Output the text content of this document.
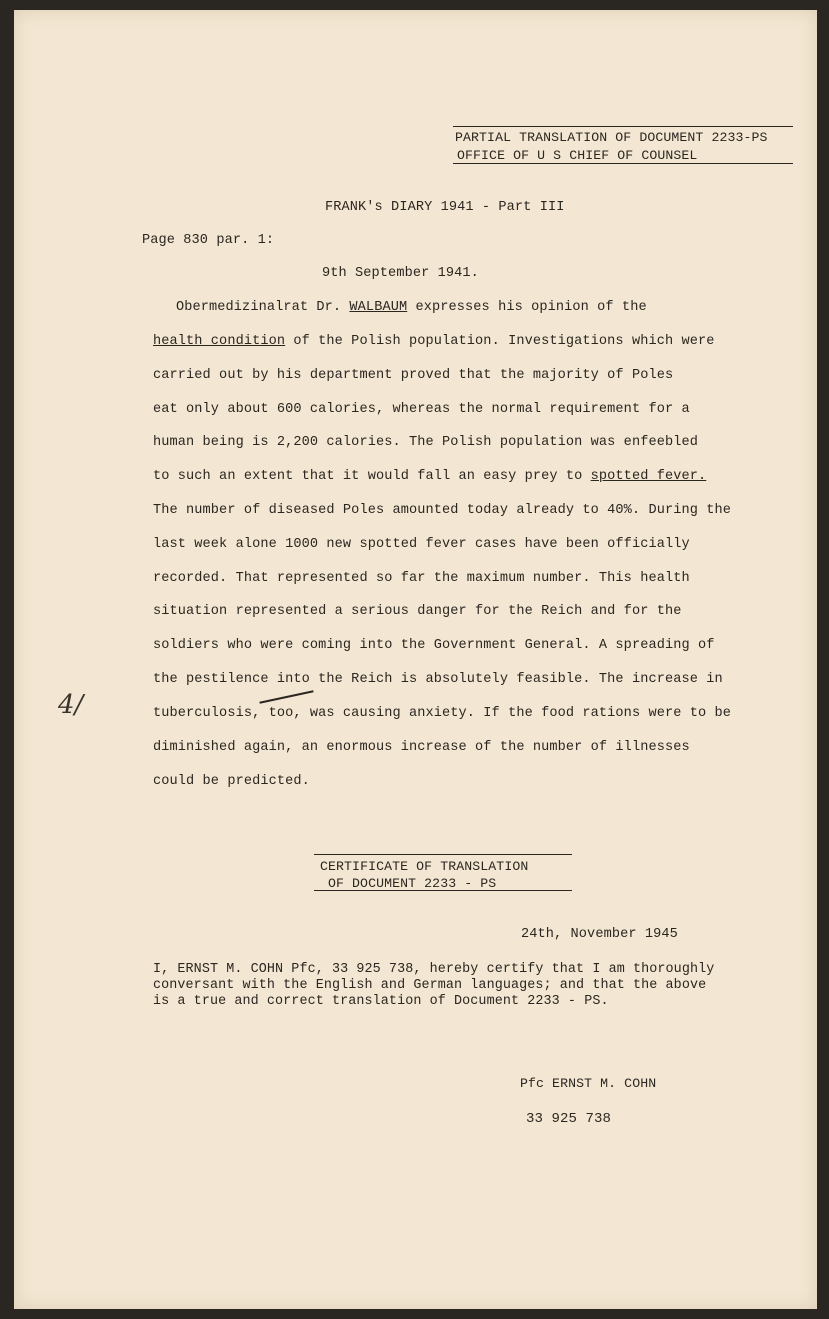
PARTIAL TRANSLATION OF DOCUMENT 2233-PS

OFFICE OF U S CHIEF OF COUNSEL

FRANK's DIARY 1941 - Part III

Page 830 par. 1:

9th September 1941.

Obermedizinalrat Dr. WALBAUM expresses his opinion of the

health condition of the Polish population. Investigations which were

carried out by his department proved that the majority of Poles

eat only about 600 calories, whereas the normal requirement for a

human being is 2,200 calories. The Polish population was enfeebled

to such an extent that it would fall an easy prey to spotted fever.

The number of diseased Poles amounted today already to 40%. During the

last week alone 1000 new spotted fever cases have been officially

recorded. That represented so far the maximum number. This health

situation represented a serious danger for the Reich and for the

soldiers who were coming into the Government General. A spreading of

the pestilence into the Reich is absolutely feasible. The increase in

tuberculosis, too, was causing anxiety. If the food rations were to be

diminished again, an enormous increase of the number of illnesses

could be predicted.

4/

CERTIFICATE OF TRANSLATION

OF DOCUMENT 2233 - PS

24th, November 1945

I, ERNST M. COHN Pfc, 33 925 738, hereby certify that I am thoroughly

conversant with the English and German languages; and that the above

is a true and correct translation of Document 2233 - PS.

Pfc ERNST M. COHN

33 925 738
